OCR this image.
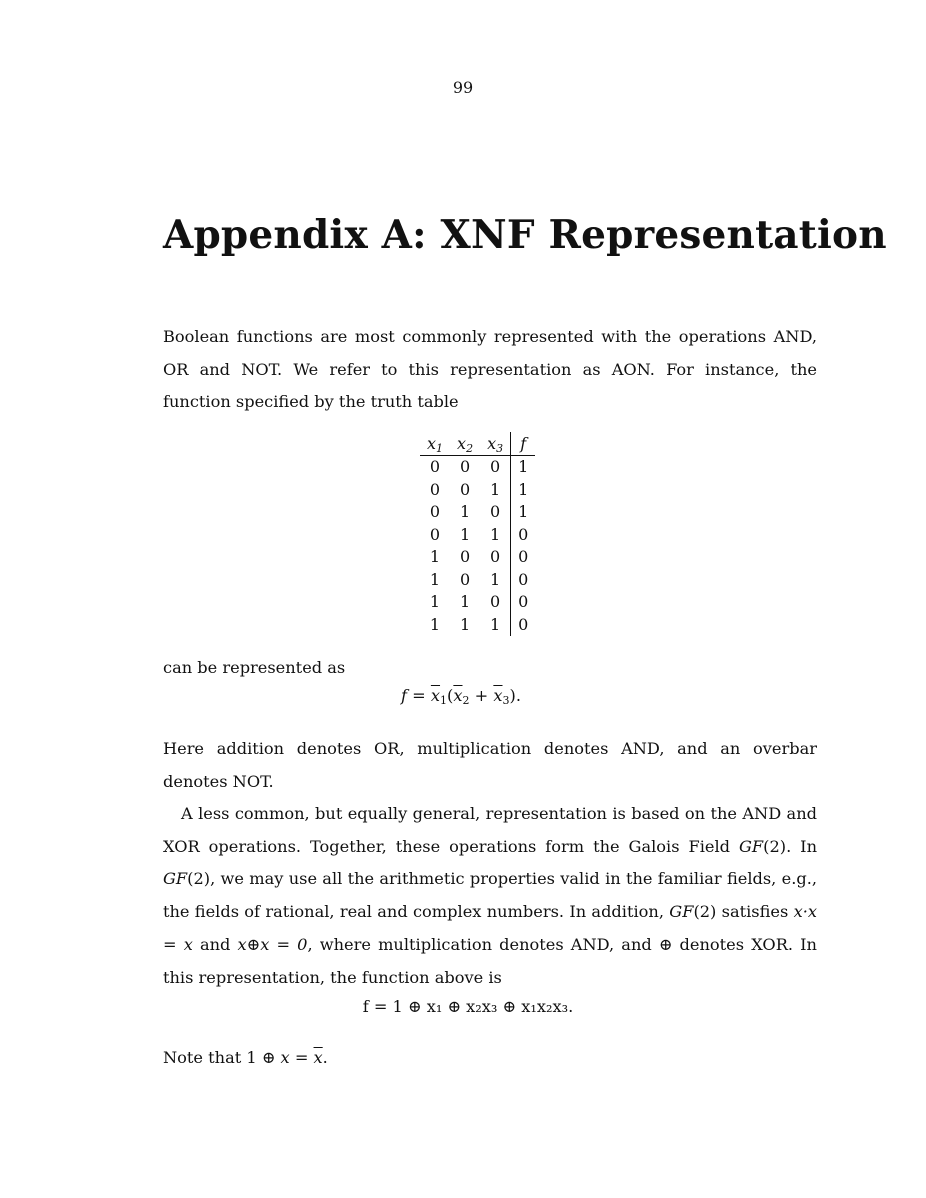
99
Appendix A: XNF Representation

Boolean functions are most commonly represented with the operations AND, OR and NOT. We refer to this representation as AON. For instance, the function specified by the truth table

$x_1$	$x_2$	$x_3$	f
0	0	0	1
0	0	1	1
0	1	0	1
0	1	1	0
1	0	0	0
1	0	1	0
1	1	0	0
1	1	1	0

can be represented as

$f = \overline{x}_1(\overline{x}_2 + \overline{x}_3)$.

Here addition denotes OR, multiplication denotes AND, and an overbar denotes NOT.

A less common, but equally general, representation is based on the AND and XOR operations. Together, these operations form the Galois Field GF(2). In GF(2), we may use all the arithmetic properties valid in the familiar fields, e.g., the fields of rational, real and complex numbers. In addition, GF(2) satisfies x·x = x and x⊕x = 0, where multiplication denotes AND, and ⊕ denotes XOR. In this representation, the function above is

f = 1 ⊕ x₁ ⊕ x₂x₃ ⊕ x₁x₂x₃.

Note that 1 ⊕ $x = \overline{x}$.
